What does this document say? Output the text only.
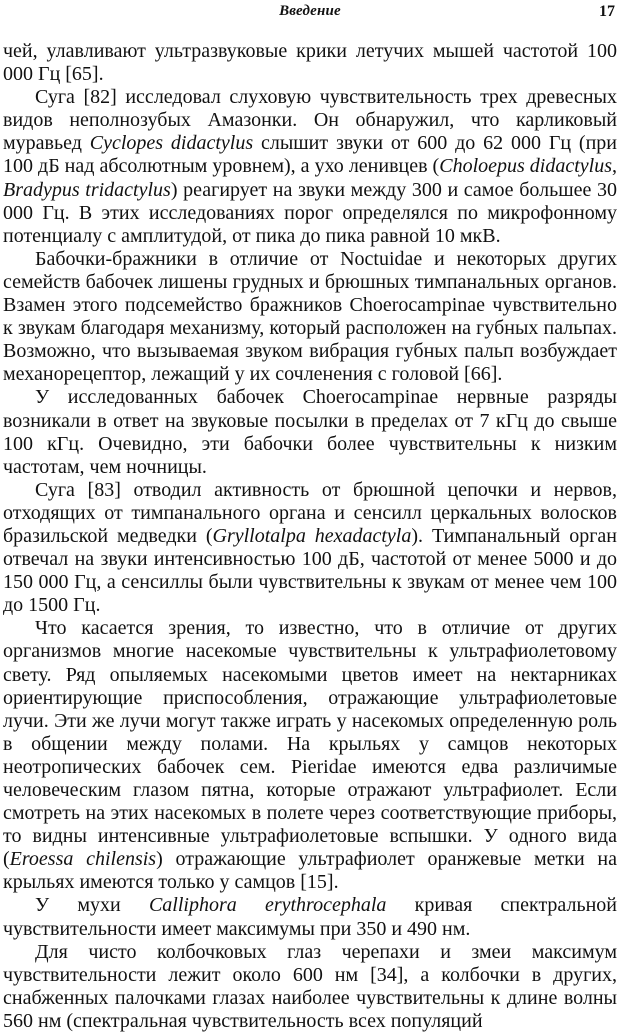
Введение	17

чей, улавливают ультразвуковые крики летучих мышей частотой 100 000 Гц [65].

Суга [82] исследовал слуховую чувствительность трех древесных видов неполнозубых Амазонки. Он обнаружил, что карликовый муравьед Cyclopes didactylus слышит звуки от 600 до 62 000 Гц (при 100 дБ над абсолютным уровнем), а ухо ленивцев (Choloepus didactylus, Bradypus tridactylus) реагирует на звуки между 300 и самое большее 30 000 Гц. В этих исследованиях порог определялся по микрофонному потенциалу с амплитудой, от пика до пика равной 10 мкВ.

Бабочки-бражники в отличие от Noctuidae и некоторых других семейств бабочек лишены грудных и брюшных тимпанальных органов. Взамен этого подсемейство бражников Choerocampinae чувствительно к звукам благодаря механизму, который расположен на губных пальпах. Возможно, что вызываемая звуком вибрация губных пальп возбуждает механорецептор, лежащий у их сочленения с головой [66].

У исследованных бабочек Choerocampinae нервные разряды возникали в ответ на звуковые посылки в пределах от 7 кГц до свыше 100 кГц. Очевидно, эти бабочки более чувствительны к низким частотам, чем ночницы.

Суга [83] отводил активность от брюшной цепочки и нервов, отходящих от тимпанального органа и сенсилл церкальных волосков бразильской медведки (Gryllotalpa hexadactyla). Тимпанальный орган отвечал на звуки интенсивностью 100 дБ, частотой от менее 5000 и до 150 000 Гц, а сенсиллы были чувствительны к звукам от менее чем 100 до 1500 Гц.

Что касается зрения, то известно, что в отличие от других организмов многие насекомые чувствительны к ультрафиолетовому свету. Ряд опыляемых насекомыми цветов имеет на нектарниках ориентирующие приспособления, отражающие ультрафиолетовые лучи. Эти же лучи могут также играть у насекомых определенную роль в общении между полами. На крыльях у самцов некоторых неотропических бабочек сем. Pieridae имеются едва различимые человеческим глазом пятна, которые отражают ультрафиолет. Если смотреть на этих насекомых в полете через соответствующие приборы, то видны интенсивные ультрафиолетовые вспышки. У одного вида (Eroessa chilensis) отражающие ультрафиолет оранжевые метки на крыльях имеются только у самцов [15].

У мухи Calliphora erythrocephala кривая спектральной чувствительности имеет максимумы при 350 и 490 нм.

Для чисто колбочковых глаз черепахи и змеи максимум чувствительности лежит около 600 нм [34], а колбочки в других, снабженных палочками глазах наиболее чувствительны к длине волны 560 нм (спектральная чувствительность всех популяций
